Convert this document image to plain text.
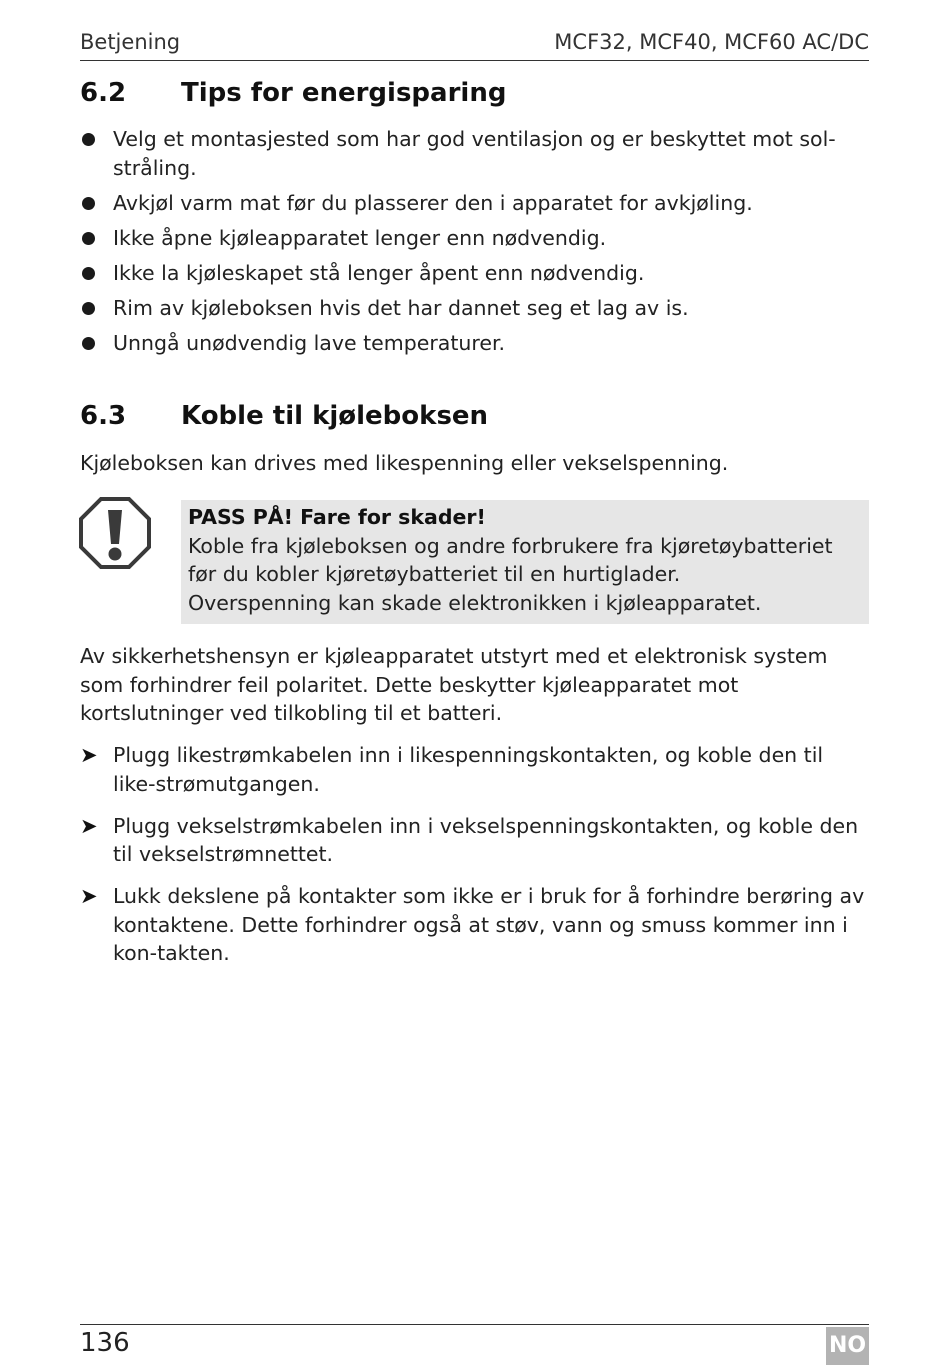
Betjening	MCF32, MCF40, MCF60 AC/DC
6.2 Tips for energisparing
Velg et montasjested som har god ventilasjon og er beskyttet mot sol-stråling.
Avkjøl varm mat før du plasserer den i apparatet for avkjøling.
Ikke åpne kjøleapparatet lenger enn nødvendig.
Ikke la kjøleskapet stå lenger åpent enn nødvendig.
Rim av kjøleboksen hvis det har dannet seg et lag av is.
Unngå unødvendig lave temperaturer.
6.3 Koble til kjøleboksen

Kjøleboksen kan drives med likespenning eller vekselspenning.

PASS PÅ! Fare for skader!
Koble fra kjøleboksen og andre forbrukere fra kjøretøybatteriet før du kobler kjøretøybatteriet til en hurtiglader.
Overspenning kan skade elektronikken i kjøleapparatet.

Av sikkerhetshensyn er kjøleapparatet utstyrt med et elektronisk system som forhindrer feil polaritet. Dette beskytter kjøleapparatet mot kortslutninger ved tilkobling til et batteri.

➤ Plugg likestrømkabelen inn i likespenningskontakten, og koble den til like-strømutgangen.
➤ Plugg vekselstrømkabelen inn i vekselspenningskontakten, og koble den til vekselstrømnettet.
➤ Lukk dekslene på kontakter som ikke er i bruk for å forhindre berøring av kontaktene. Dette forhindrer også at støv, vann og smuss kommer inn i kon-takten.
136	NO
